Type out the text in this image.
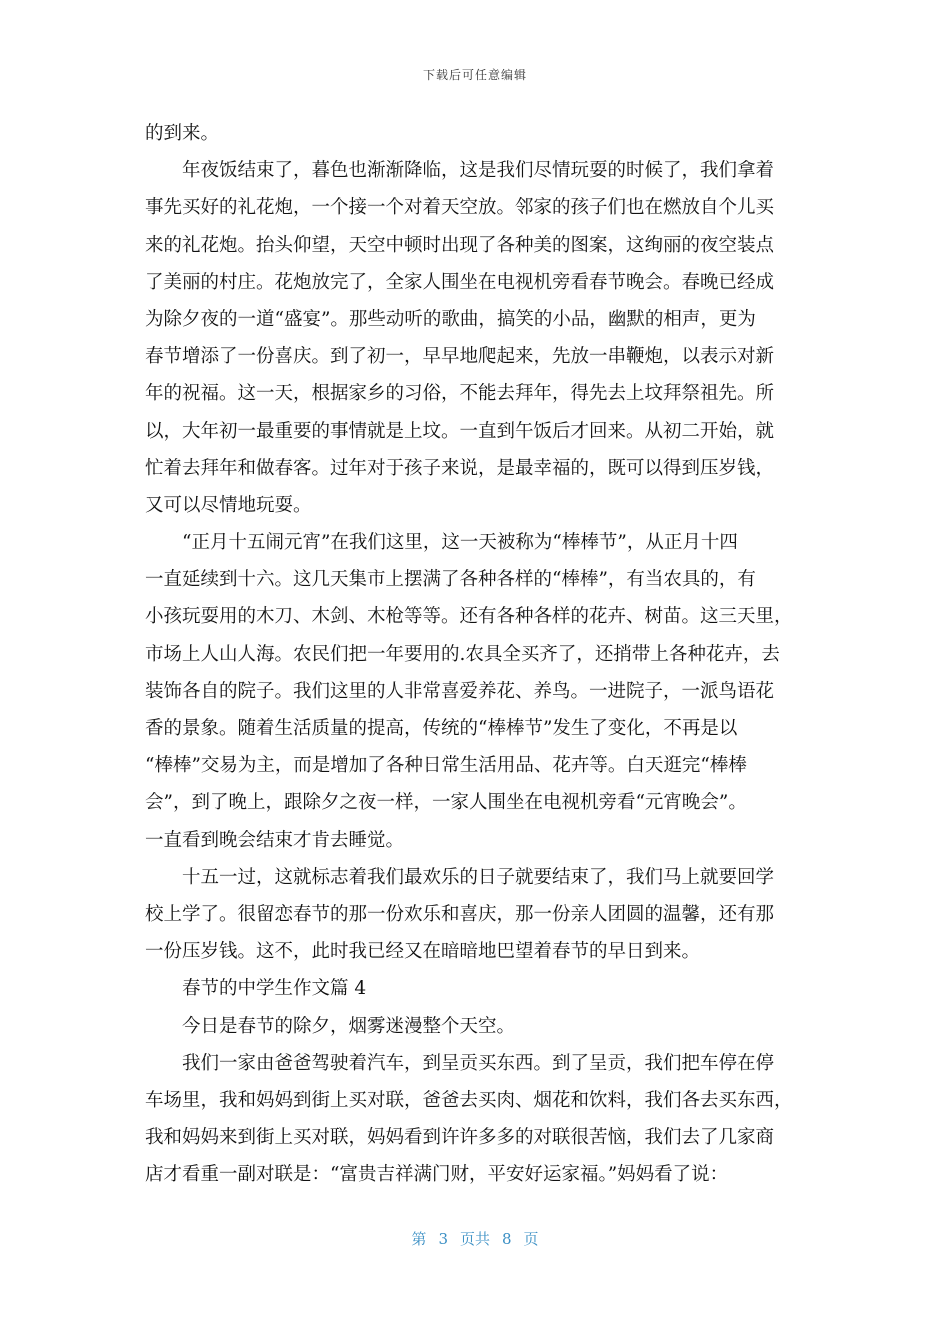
下载后可任意编辑
的到来。
年夜饭结束了，暮色也渐渐降临，这是我们尽情玩耍的时候了，我们拿着
事先买好的礼花炮，一个接一个对着天空放。邻家的孩子们也在燃放自个儿买
来的礼花炮。抬头仰望，天空中顿时出现了各种美的图案，这绚丽的夜空装点
了美丽的村庄。花炮放完了，全家人围坐在电视机旁看春节晚会。春晚已经成
为除夕夜的一道“盛宴”。那些动听的歌曲，搞笑的小品，幽默的相声，更为
春节增添了一份喜庆。到了初一，早早地爬起来，先放一串鞭炮，以表示对新
年的祝福。这一天，根据家乡的习俗，不能去拜年，得先去上坟拜祭祖先。所
以，大年初一最重要的事情就是上坟。一直到午饭后才回来。从初二开始，就
忙着去拜年和做春客。过年对于孩子来说，是最幸福的，既可以得到压岁钱，
又可以尽情地玩耍。
“正月十五闹元宵”在我们这里，这一天被称为“棒棒节”，从正月十四
一直延续到十六。这几天集市上摆满了各种各样的“棒棒”，有当农具的，有
小孩玩耍用的木刀、木剑、木枪等等。还有各种各样的花卉、树苗。这三天里，
市场上人山人海。农民们把一年要用的.农具全买齐了，还捎带上各种花卉，去
装饰各自的院子。我们这里的人非常喜爱养花、养鸟。一进院子，一派鸟语花
香的景象。随着生活质量的提高，传统的“棒棒节”发生了变化，不再是以
“棒棒”交易为主，而是增加了各种日常生活用品、花卉等。白天逛完“棒棒
会”，到了晚上，跟除夕之夜一样，一家人围坐在电视机旁看“元宵晚会”。
一直看到晚会结束才肯去睡觉。
十五一过，这就标志着我们最欢乐的日子就要结束了，我们马上就要回学
校上学了。很留恋春节的那一份欢乐和喜庆，那一份亲人团圆的温馨，还有那
一份压岁钱。这不，此时我已经又在暗暗地巴望着春节的早日到来。
春节的中学生作文篇 4
今日是春节的除夕，烟雾迷漫整个天空。
我们一家由爸爸驾驶着汽车，到呈贡买东西。到了呈贡，我们把车停在停
车场里，我和妈妈到街上买对联，爸爸去买肉、烟花和饮料，我们各去买东西，
我和妈妈来到街上买对联，妈妈看到许许多多的对联很苦恼，我们去了几家商
店才看重一副对联是：“富贵吉祥满门财，平安好运家福。”妈妈看了说：
第 3 页共 8 页
